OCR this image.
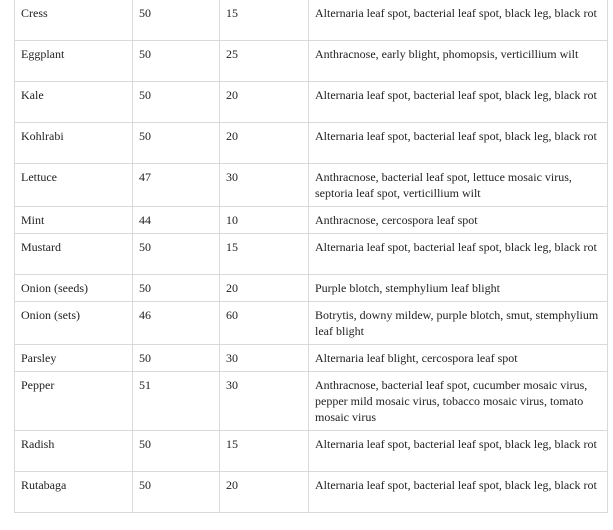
Cress	50	15	Alternaria leaf spot, bacterial leaf spot, black leg, black rot
Eggplant	50	25	Anthracnose, early blight, phomopsis, verticillium wilt
Kale	50	20	Alternaria leaf spot, bacterial leaf spot, black leg, black rot
Kohlrabi	50	20	Alternaria leaf spot, bacterial leaf spot, black leg, black rot
Lettuce	47	30	Anthracnose, bacterial leaf spot, lettuce mosaic virus, septoria leaf spot, verticillium wilt
Mint	44	10	Anthracnose, cercospora leaf spot
Mustard	50	15	Alternaria leaf spot, bacterial leaf spot, black leg, black rot
Onion (seeds)	50	20	Purple blotch, stemphylium leaf blight
Onion (sets)	46	60	Botrytis, downy mildew, purple blotch, smut, stemphylium leaf blight
Parsley	50	30	Alternaria leaf blight, cercospora leaf spot
Pepper	51	30	Anthracnose, bacterial leaf spot, cucumber mosaic virus, pepper mild mosaic virus, tobacco mosaic virus, tomato mosaic virus
Radish	50	15	Alternaria leaf spot, bacterial leaf spot, black leg, black rot
Rutabaga	50	20	Alternaria leaf spot, bacterial leaf spot, black leg, black rot
